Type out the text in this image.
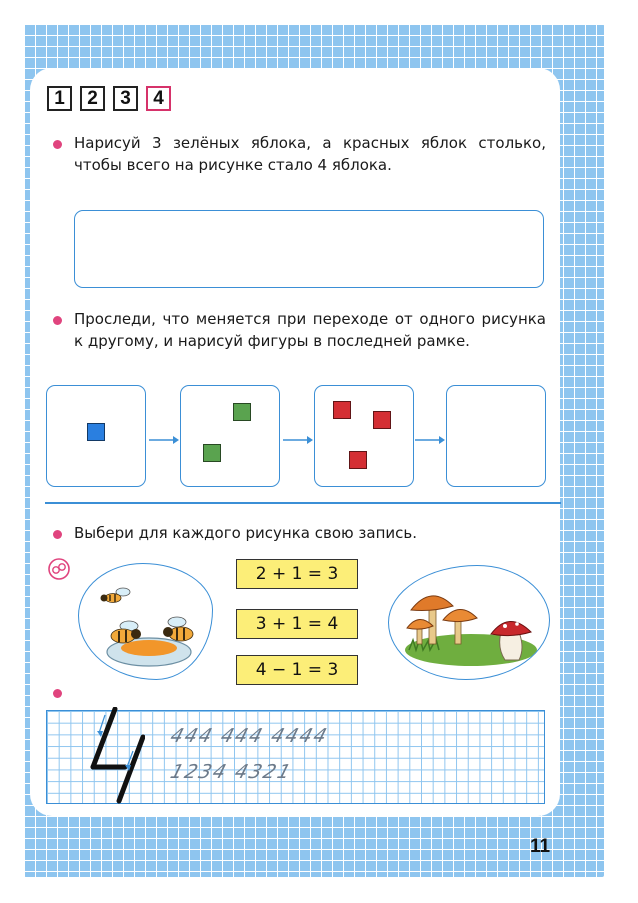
1	2	3	4
Нарисуй 3 зелёных яблока, а красных яблок столько, чтобы всего на рисунке стало 4 яблока.
Проследи, что меняется при переходе от одного рисунка к другому, и нарисуй фигуры в последней рамке.
Выбери для каждого рисунка свою запись.
2 + 1 = 3
3 + 1 = 4
4 − 1 = 3
444 444 4444
1234 4321
11
